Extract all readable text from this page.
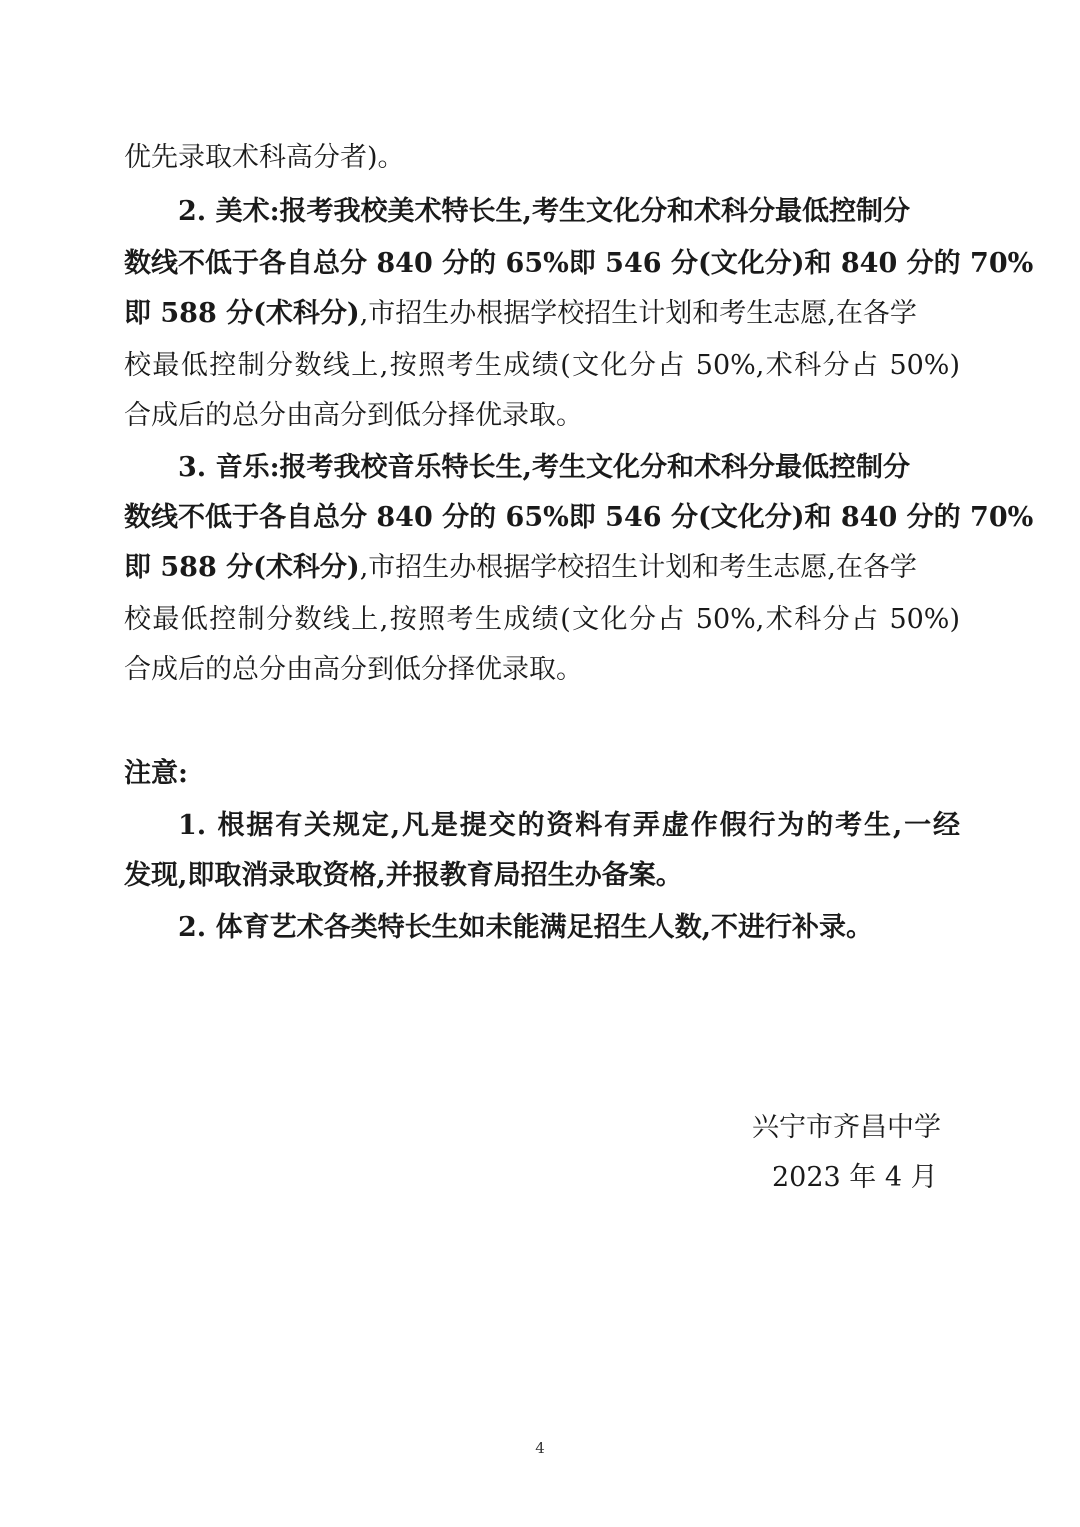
优先录取术科高分者)。
2. 美术:报考我校美术特长生,考生文化分和术科分最低控制分
数线不低于各自总分 840 分的 65%即 546 分(文化分)和 840 分的 70%
即 588 分(术科分),市招生办根据学校招生计划和考生志愿,在各学
校最低控制分数线上,按照考生成绩(文化分占 50%,术科分占 50%)
合成后的总分由高分到低分择优录取。
3. 音乐:报考我校音乐特长生,考生文化分和术科分最低控制分
数线不低于各自总分 840 分的 65%即 546 分(文化分)和 840 分的 70%
即 588 分(术科分),市招生办根据学校招生计划和考生志愿,在各学
校最低控制分数线上,按照考生成绩(文化分占 50%,术科分占 50%)
合成后的总分由高分到低分择优录取。
注意:
1. 根据有关规定,凡是提交的资料有弄虚作假行为的考生,一经
发现,即取消录取资格,并报教育局招生办备案。
2. 体育艺术各类特长生如未能满足招生人数,不进行补录。
兴宁市齐昌中学
2023 年 4 月
4
